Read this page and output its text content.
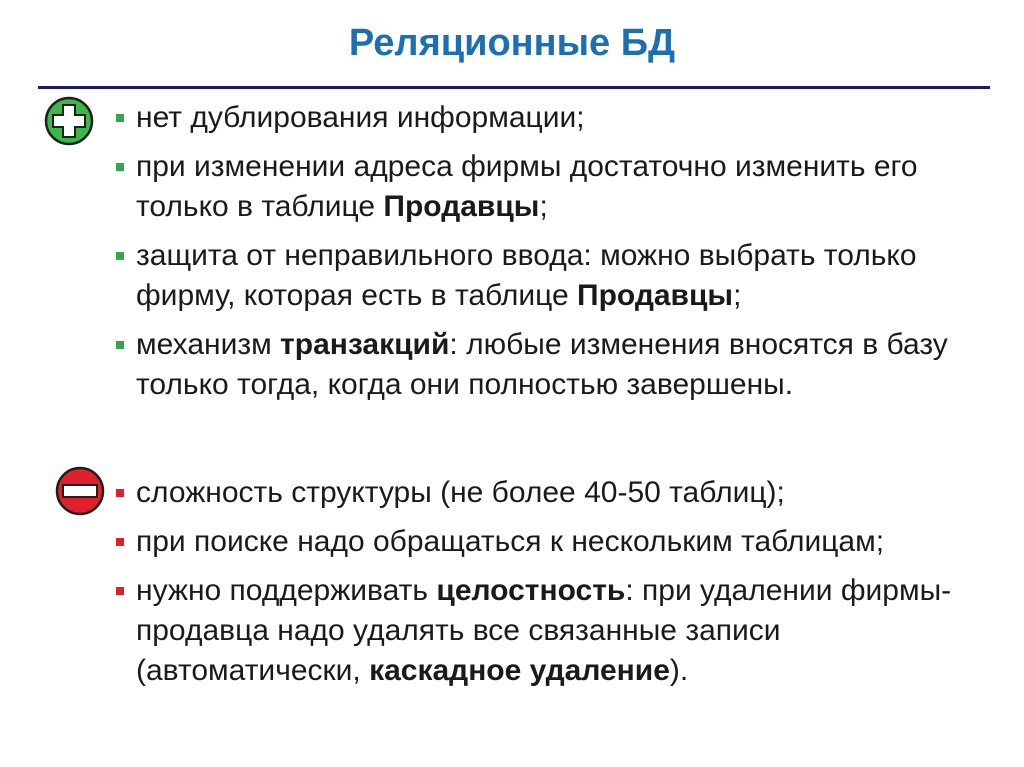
Реляционные БД
нет дублирования информации;
при изменении адреса фирмы достаточно изменить его только в таблице Продавцы;
защита от неправильного ввода: можно выбрать только фирму, которая есть в таблице Продавцы;
механизм транзакций: любые изменения вносятся в базу только тогда, когда они полностью завершены.
сложность структуры (не более 40-50 таблиц);
при поиске надо обращаться к нескольким таблицам;
нужно поддерживать целостность: при удалении фирмы-продавца надо удалять все связанные записи (автоматически, каскадное удаление).
